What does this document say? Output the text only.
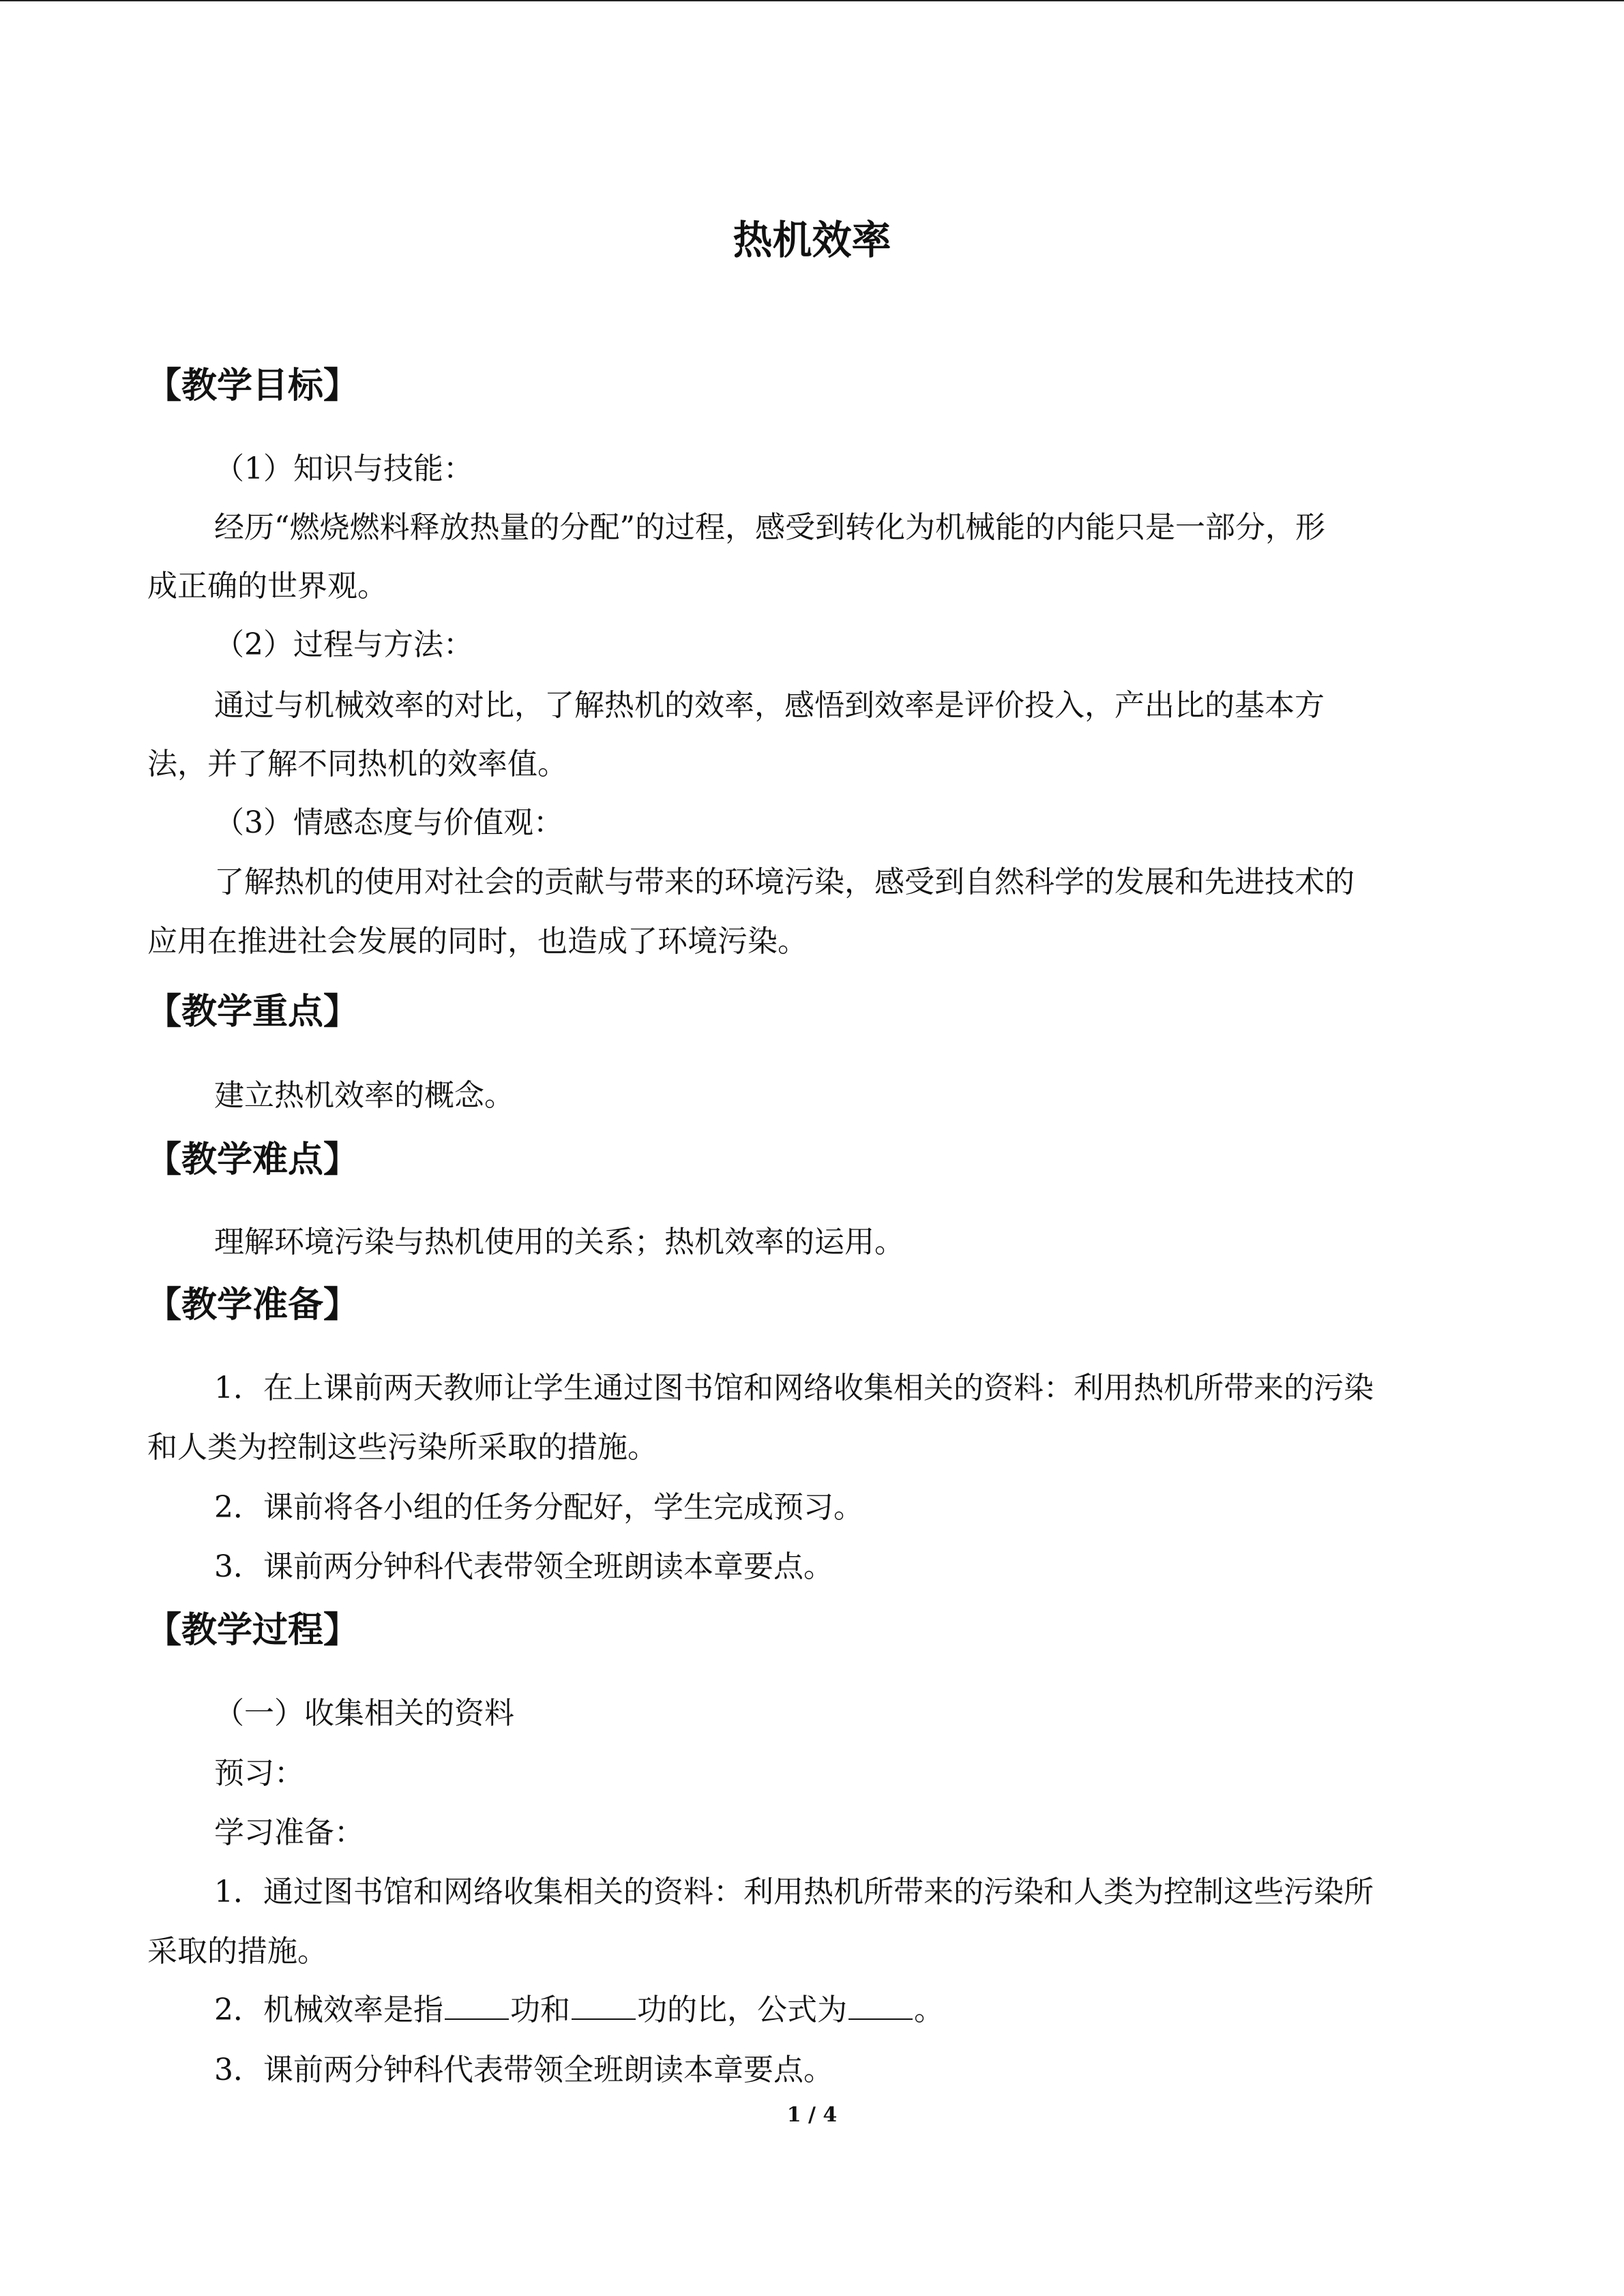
热机效率
【教学目标】

（1）知识与技能：

经历“燃烧燃料释放热量的分配”的过程，感受到转化为机械能的内能只是一部分，形

成正确的世界观。

（2）过程与方法：

通过与机械效率的对比，了解热机的效率，感悟到效率是评价投入，产出比的基本方

法，并了解不同热机的效率值。

（3）情感态度与价值观：

了解热机的使用对社会的贡献与带来的环境污染，感受到自然科学的发展和先进技术的

应用在推进社会发展的同时，也造成了环境污染。

【教学重点】

建立热机效率的概念。

【教学难点】

理解环境污染与热机使用的关系；热机效率的运用。

【教学准备】

1．在上课前两天教师让学生通过图书馆和网络收集相关的资料：利用热机所带来的污染

和人类为控制这些污染所采取的措施。

2．课前将各小组的任务分配好，学生完成预习。

3．课前两分钟科代表带领全班朗读本章要点。

【教学过程】

（一）收集相关的资料

预习：

学习准备：

1．通过图书馆和网络收集相关的资料：利用热机所带来的污染和人类为控制这些污染所

采取的措施。

2．机械效率是指 功和 功的比，公式为 。

3．课前两分钟科代表带领全班朗读本章要点。

1 / 4
